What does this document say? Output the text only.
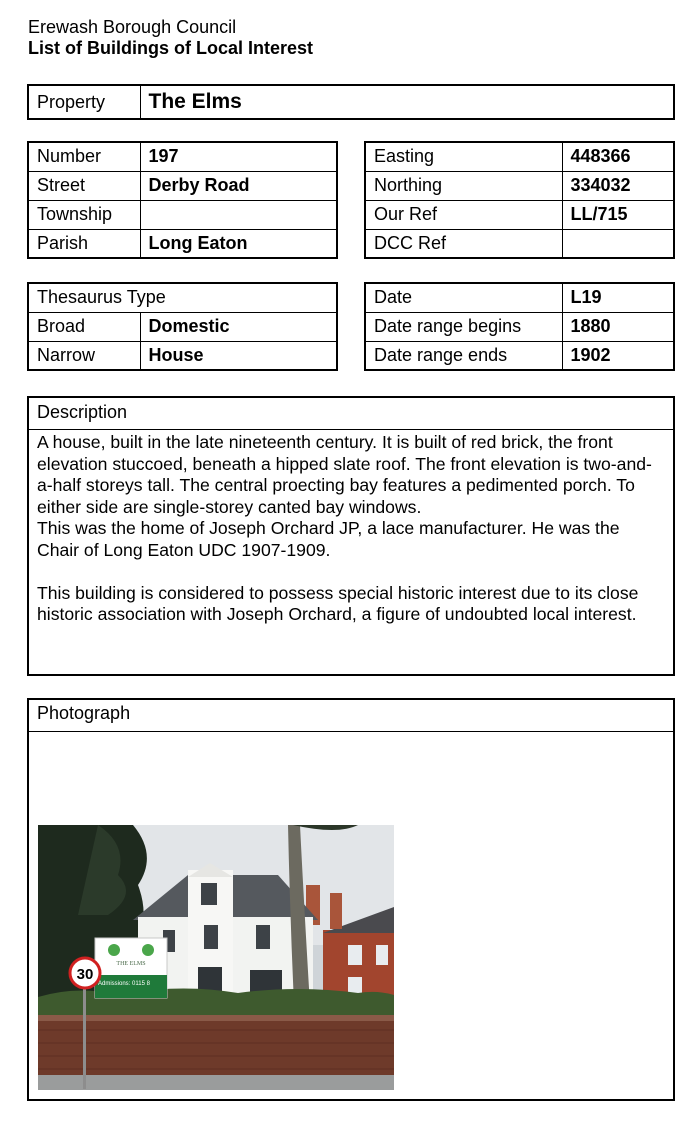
Erewash Borough Council
List of Buildings of Local Interest
Property	The Elms
Number	197
Street	Derby Road
Township	
Parish	Long Eaton
Easting	448366
Northing	334032
Our Ref	LL/715
DCC Ref	
Thesaurus Type	
Broad	Domestic
Narrow	House
Date	L19
Date range begins	1880
Date range ends	1902
Description

A house, built in the late nineteenth century. It is built of red brick, the front elevation stuccoed, beneath a hipped slate roof. The front elevation is two-and-a-half storeys tall. The central proecting bay features a pedimented porch. To either side are single-storey canted bay windows.

This was the home of Joseph Orchard JP, a lace manufacturer. He was the Chair of Long Eaton UDC 1907-1909.

This building is considered to possess special historic interest due to its close historic association with Joseph Orchard, a figure of undoubted local interest.

Photograph
THE ELMS
Admissions: 0115 8
30
